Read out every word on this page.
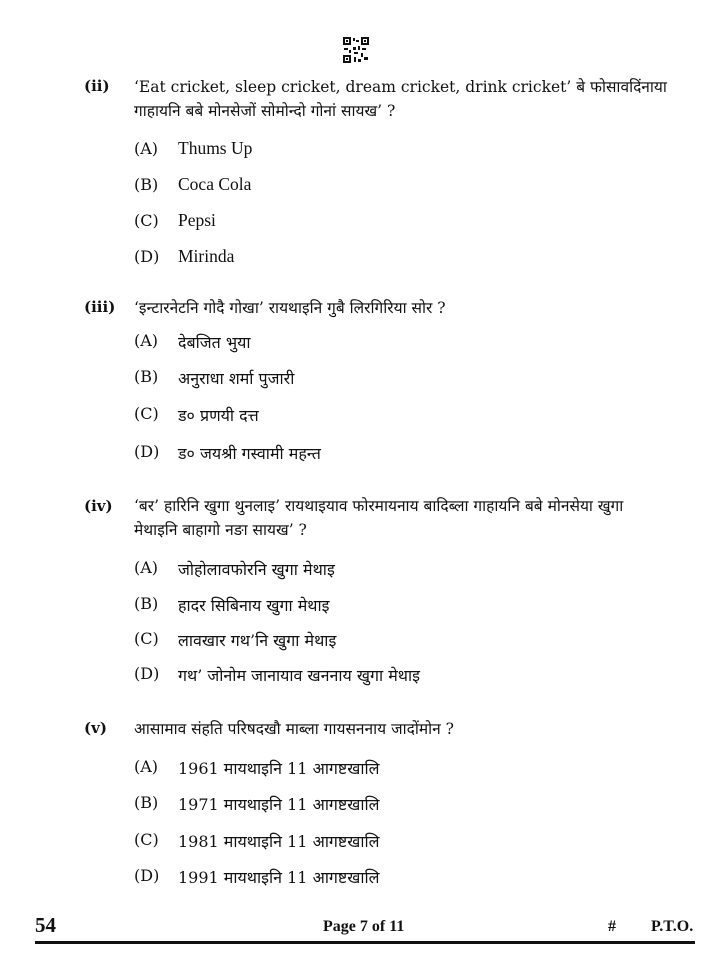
(ii) ‘Eat cricket, sleep cricket, dream cricket, drink cricket’ बे फोसावदिंनाया गाहायनि बबे मोनसेजों सोमोन्दो गोनां सायख’ ?
(A) Thums Up
(B) Coca Cola
(C) Pepsi
(D) Mirinda
(iii) ‘इन्टारनेटनि गोदै गोखा’ रायथाइनि गुबै लिरगिरिया सोर ?
(A) देबजित भुया
(B) अनुराधा शर्मा पुजारी
(C) ड० प्रणयी दत्त
(D) ड० जयश्री गस्वामी महन्त
(iv) ‘बर’ हारिनि खुगा थुनलाइ’ रायथाइयाव फोरमायनाय बादिब्ला गाहायनि बबे मोनसेया खुगा मेथाइनि बाहागो नङा सायख’ ?
(A) जोहोलावफोरनि खुगा मेथाइ
(B) हादर सिबिनाय खुगा मेथाइ
(C) लावखार गथ’नि खुगा मेथाइ
(D) गथ’ जोनोम जानायाव खननाय खुगा मेथाइ
(v) आसामाव संहति परिषदखौ माब्ला गायसननाय जादोंमोन ?
(A) 1961 मायथाइनि 11 आगष्टखालि
(B) 1971 मायथाइनि 11 आगष्टखालि
(C) 1981 मायथाइनि 11 आगष्टखालि
(D) 1991 मायथाइनि 11 आगष्टखालि
54	Page 7 of 11	# P.T.O.
